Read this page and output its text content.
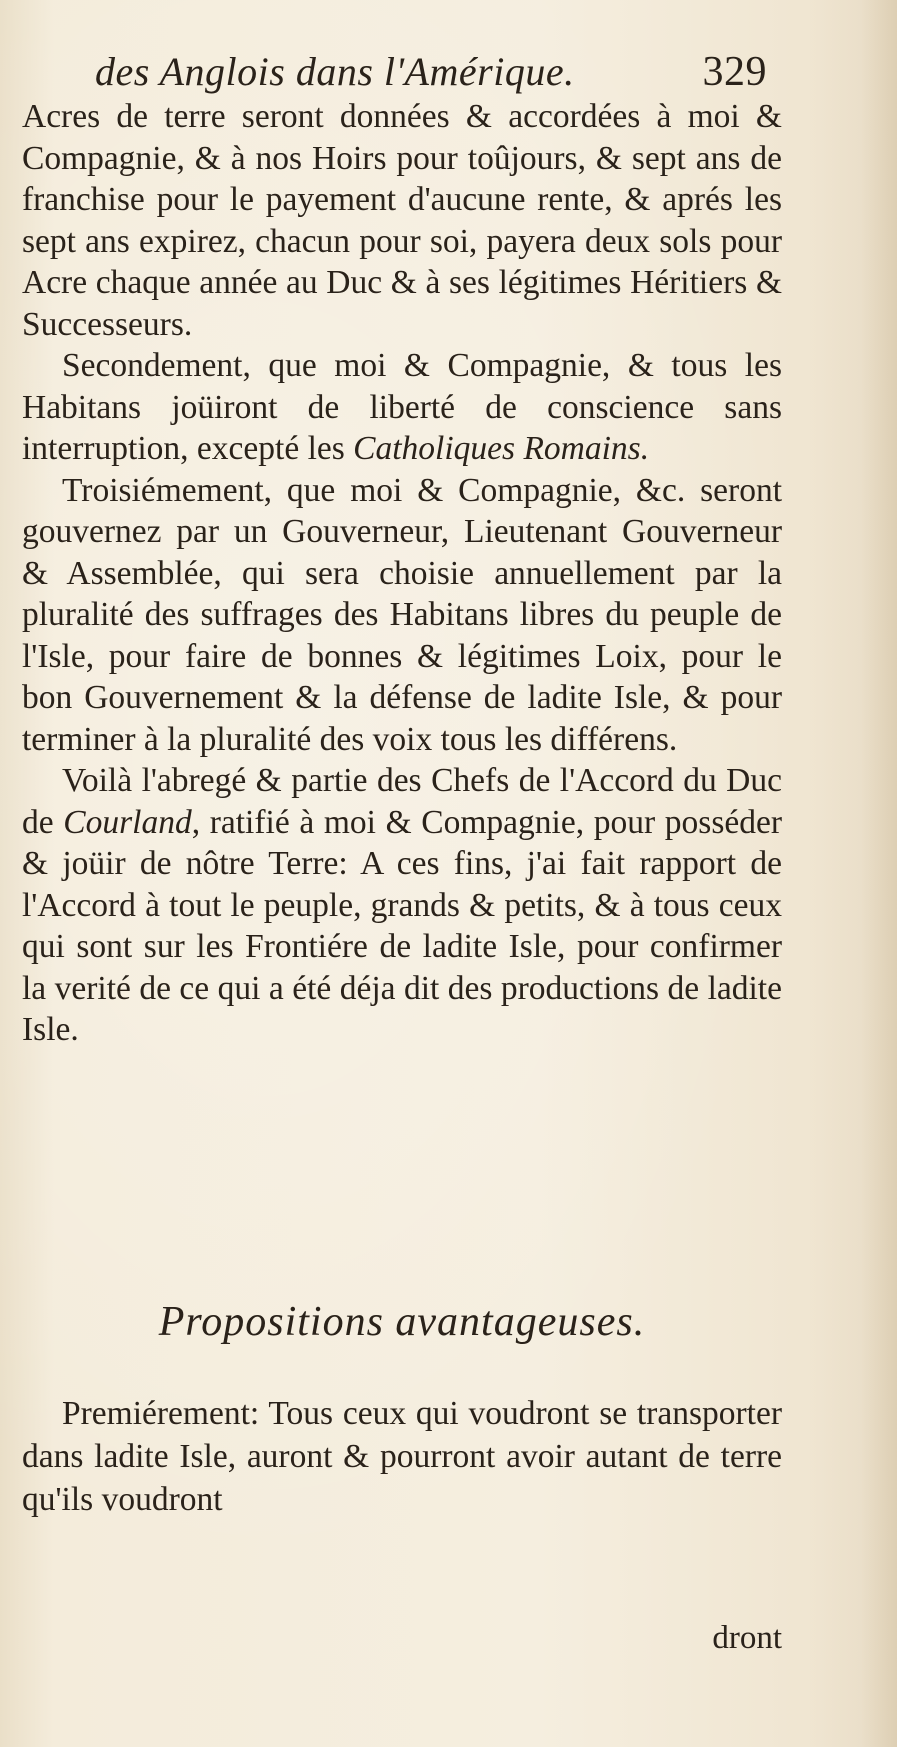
des Anglois dans l'Amérique.	329

Acres de terre seront données & accordées à moi & Compagnie, & à nos Hoirs pour toûjours, & sept ans de franchise pour le payement d'aucune rente, & aprés les sept ans expirez, chacun pour soi, payera deux sols pour Acre chaque année au Duc & à ses légitimes Héritiers & Successeurs.

Secondement, que moi & Compagnie, & tous les Habitans joüiront de liberté de conscience sans interruption, excepté les Catholiques Romains.

Troisiémement, que moi & Compagnie, &c. seront gouvernez par un Gouverneur, Lieutenant Gouverneur & Assemblée, qui sera choisie annuellement par la pluralité des suffrages des Habitans libres du peuple de l'Isle, pour faire de bonnes & légitimes Loix, pour le bon Gouvernement & la défense de ladite Isle, & pour terminer à la pluralité des voix tous les différens.

Voilà l'abregé & partie des Chefs de l'Accord du Duc de Courland, ratifié à moi & Compagnie, pour posséder & joüir de nôtre Terre: A ces fins, j'ai fait rapport de l'Accord à tout le peuple, grands & petits, & à tous ceux qui sont sur les Frontiére de ladite Isle, pour confirmer la verité de ce qui a été déja dit des productions de ladite Isle.

Propositions avantageuses.

Premiérement: Tous ceux qui voudront se transporter dans ladite Isle, auront & pourront avoir autant de terre qu'ils voudront

dront
